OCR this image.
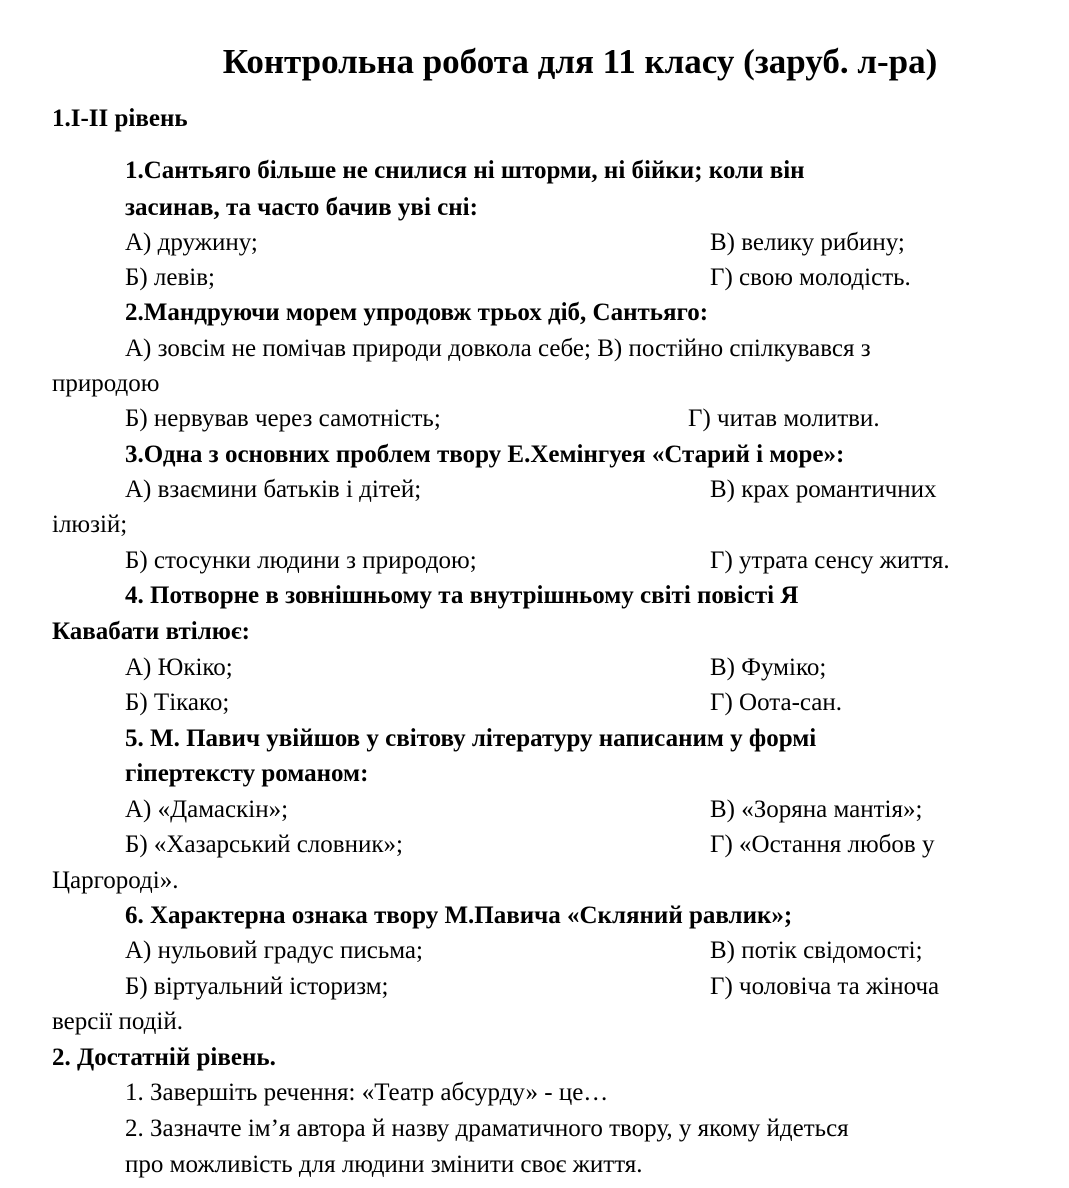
Контрольна робота для 11 класу (заруб. л-ра)
1.І-ІІ рівень
1.Сантьяго більше не снилися ні шторми, ні бійки; коли він
засинав, та часто бачив уві сні:
А) дружину;	В) велику рибину;
Б) левів;	Г) свою молодість.
2.Мандруючи морем упродовж трьох діб, Сантьяго:
А) зовсім не помічав природи довкола себе; В) постійно спілкувався з
природою
Б) нервував через самотність;	Г) читав молитви.
3.Одна з основних проблем твору Е.Хемінгуея «Старий і море»:
А) взаємини батьків і дітей;	В) крах романтичних
ілюзій;
Б) стосунки людини з природою;	Г) утрата сенсу життя.
4. Потворне в зовнішньому та внутрішньому світі повісті Я
Кавабати втілює:
А) Юкіко;	В) Фуміко;
Б) Тікако;	Г) Оота-сан.
5. М. Павич увійшов у світову літературу написаним у формі
гіпертексту романом:
А) «Дамаскін»;	В) «Зоряна мантія»;
Б) «Хазарський словник»;	Г) «Остання любов у
Царгороді».
6. Характерна ознака твору М.Павича «Скляний равлик»;
А) нульовий градус письма;	В) потік свідомості;
Б) віртуальний історизм;	Г) чоловіча та жіноча
версії подій.
2. Достатній рівень.
1. Завершіть речення: «Театр абсурду» - це…
2. Зазначте ім’я автора й назву драматичного твору, у якому йдеться
про можливість для людини змінити своє життя.
